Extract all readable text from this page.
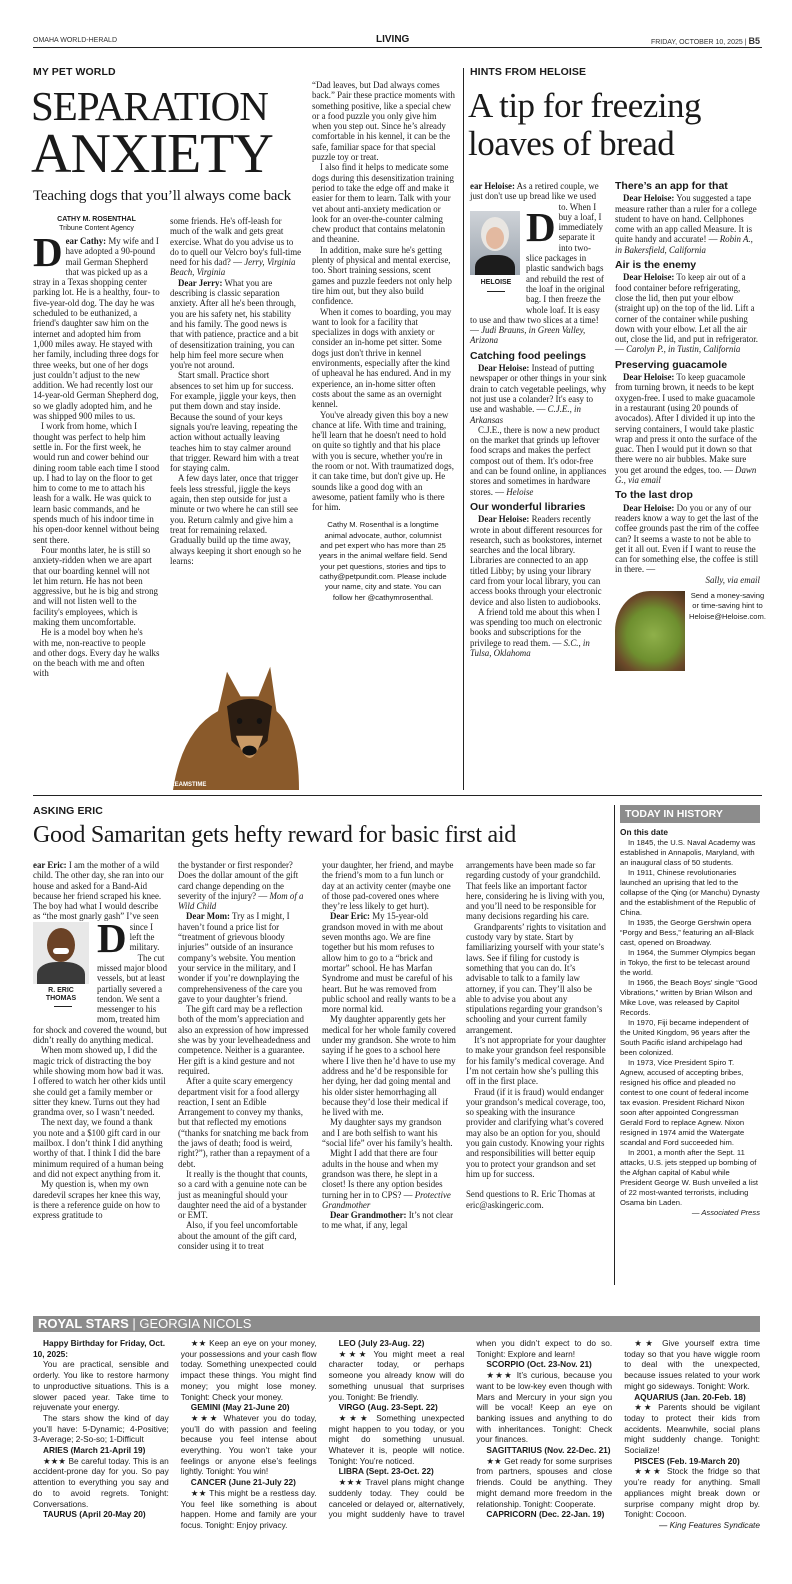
OMAHA WORLD-HERALD	LIVING	FRIDAY, OCTOBER 10, 2025 | B5
MY PET WORLD
SEPARATION
ANXIETY
Teaching dogs that you’ll always come back
CATHY M. ROSENTHAL
Tribune Content Agency

Dear Cathy: My wife and I have adopted a 90-pound mail German Shepherd that was picked up as a stray in a Texas shopping center parking lot. He is a healthy, four- to five-year-old dog. The day he was scheduled to be euthanized, a friend's daughter saw him on the internet and adopted him from 1,000 miles away. He stayed with her family, including three dogs for three weeks, but one of her dogs just couldn’t adjust to the new addition. We had recently lost our 14-year-old German Shepherd dog, so we gladly adopted him, and he was shipped 900 miles to us.

I work from home, which I thought was perfect to help him settle in. For the first week, he would run and cower behind our dining room table each time I stood up. I had to lay on the floor to get him to come to me to attach his leash for a walk. He was quick to learn basic commands, and he spends much of his indoor time in his open-door kennel without being sent there.

Four months later, he is still so anxiety-ridden when we are apart that our boarding kennel will not let him return. He has not been aggressive, but he is big and strong and will not listen well to the facility's employees, which is making them uncomfortable.

He is a model boy when he's with me, non-reactive to people and other dogs. Every day he walks on the beach with me and often with

some friends. He's off-leash for much of the walk and gets great exercise. What do you advise us to do to quell our Velcro boy's full-time need for his dad? — Jerry, Virginia Beach, Virginia

Dear Jerry: What you are describing is classic separation anxiety. After all he's been through, you are his safety net, his stability and his family. The good news is that with patience, practice and a bit of desensitization training, you can help him feel more secure when you're not around.

Start small. Practice short absences to set him up for success. For example, jiggle your keys, then put them down and stay inside. Because the sound of your keys signals you're leaving, repeating the action without actually leaving teaches him to stay calmer around that trigger. Reward him with a treat for staying calm.

A few days later, once that trigger feels less stressful, jiggle the keys again, then step outside for just a minute or two where he can still see you. Return calmly and give him a treat for remaining relaxed. Gradually build up the time away, always keeping it short enough so he learns:

“Dad leaves, but Dad always comes back.” Pair these practice moments with something positive, like a special chew or a food puzzle you only give him when you step out. Since he’s already comfortable in his kennel, it can be the safe, familiar space for that special puzzle toy or treat.

I also find it helps to medicate some dogs during this desensitization training period to take the edge off and make it easier for them to learn. Talk with your vet about anti-anxiety medication or look for an over-the-counter calming chew product that contains melatonin and theanine.

In addition, make sure he's getting plenty of physical and mental exercise, too. Short training sessions, scent games and puzzle feeders not only help tire him out, but they also build confidence.

When it comes to boarding, you may want to look for a facility that specializes in dogs with anxiety or consider an in-home pet sitter. Some dogs just don't thrive in kennel environments, especially after the kind of upheaval he has endured. And in my experience, an in-home sitter often costs about the same as an overnight kennel.

You've already given this boy a new chance at life. With time and training, he'll learn that he doesn't need to hold on quite so tightly and that his place with you is secure, whether you're in the room or not. With traumatized dogs, it can take time, but don't give up. He sounds like a good dog with an awesome, patient family who is there for him.

Cathy M. Rosenthal is a longtime animal advocate, author, columnist and pet expert who has more than 25 years in the animal welfare field. Send your pet questions, stories and tips to cathy@petpundit.com. Please include your name, city and state. You can follow her @cathymrosenthal.
DREAMSTIME
HINTS FROM HELOISE
A tip for freezing
loaves of bread
HELOISE

Dear Heloise: As a retired couple, we just don't use up bread like we used to. When I buy a loaf, I immediately separate it into two-slice packages in plastic sandwich bags and rebuild the rest of the loaf in the original bag. I then freeze the whole loaf. It is easy to use and thaw two slices at a time! — Judi Brauns, in Green Valley, Arizona

Catching food peelings

Dear Heloise: Instead of putting newspaper or other things in your sink drain to catch vegetable peelings, why not just use a colander? It's easy to use and washable. — C.J.E., in Arkansas

C.J.E., there is now a new product on the market that grinds up leftover food scraps and makes the perfect compost out of them. It's odor-free and can be found online, in appliances stores and sometimes in hardware stores. — Heloise

Our wonderful libraries

Dear Heloise: Readers recently wrote in about different resources for research, such as bookstores, internet searches and the local library. Libraries are connected to an app titled Libby; by using your library card from your local library, you can access books through your electronic device and also listen to audiobooks.

A friend told me about this when I was spending too much on electronic books and subscriptions for the privilege to read them. — S.C., in Tulsa, Oklahoma

There’s an app for that

Dear Heloise: You suggested a tape measure rather than a ruler for a college student to have on hand. Cellphones come with an app called Measure. It is quite handy and accurate! — Robin A., in Bakersfield, California

Air is the enemy

Dear Heloise: To keep air out of a food container before refrigerating, close the lid, then put your elbow (straight up) on the top of the lid. Lift a corner of the container while pushing down with your elbow. Let all the air out, close the lid, and put in refrigerator. — Carolyn P., in Tustin, California

Preserving guacamole

Dear Heloise: To keep guacamole from turning brown, it needs to be kept oxygen-free. I used to make guacamole in a restaurant (using 20 pounds of avocados). After I divided it up into the serving containers, I would take plastic wrap and press it onto the surface of the guac. Then I would put it down so that there were no air bubbles. Make sure you get around the edges, too. — Dawn G., via email

To the last drop

Dear Heloise: Do you or any of our readers know a way to get the last of the coffee grounds past the rim of the coffee can? It seems a waste to not be able to get it all out. Even if I want to reuse the can for something else, the coffee is still in there. —

Sally, via email

Send a money-saving or time-saving hint to Heloise@Heloise.com.
ASKING ERIC
Good Samaritan gets hefty reward for basic first aid
R. ERIC THOMAS

Dear Eric: I am the mother of a wild child. The other day, she ran into our house and asked for a Band-Aid because her friend scraped his knee. The boy had what I would describe as “the most gnarly gash” I’ve seen since I left the military.

The cut missed major blood vessels, but at least partially severed a tendon. We sent a messenger to his mom, treated him for shock and covered the wound, but didn’t really do anything medical.

When mom showed up, I did the magic trick of distracting the boy while showing mom how bad it was. I offered to watch her other kids until she could get a family member or sitter they knew. Turns out they had grandma over, so I wasn’t needed.

The next day, we found a thank you note and a $100 gift card in our mailbox. I don’t think I did anything worthy of that. I think I did the bare minimum required of a human being and did not expect anything from it.

My question is, when my own daredevil scrapes her knee this way, is there a reference guide on how to express gratitude to

the bystander or first responder? Does the dollar amount of the gift card change depending on the severity of the injury? — Mom of a Wild Child

Dear Mom: Try as I might, I haven’t found a price list for “treatment of grievous bloody injuries” outside of an insurance company’s website. You mention your service in the military, and I wonder if you’re downplaying the comprehensiveness of the care you gave to your daughter’s friend.

The gift card may be a reflection both of the mom’s appreciation and also an expression of how impressed she was by your levelheadedness and competence. Neither is a guarantee. Her gift is a kind gesture and not required.

After a quite scary emergency department visit for a food allergy reaction, I sent an Edible Arrangement to convey my thanks, but that reflected my emotions (“thanks for snatching me back from the jaws of death; food is weird, right?”), rather than a repayment of a debt.

It really is the thought that counts, so a card with a genuine note can be just as meaningful should your daughter need the aid of a bystander or EMT.

Also, if you feel uncomfortable about the amount of the gift card, consider using it to treat

your daughter, her friend, and maybe the friend’s mom to a fun lunch or day at an activity center (maybe one of those pad-covered ones where they’re less likely to get hurt).

Dear Eric: My 15-year-old grandson moved in with me about seven months ago. We are fine together but his mom refuses to allow him to go to a “brick and mortar” school. He has Marfan Syndrome and must be careful of his heart. But he was removed from public school and really wants to be a more normal kid.

My daughter apparently gets her medical for her whole family covered under my grandson. She wrote to him saying if he goes to a school here where I live then he’d have to use my address and he’d be responsible for her dying, her dad going mental and his older sister hemorrhaging all because they’d lose their medical if he lived with me.

My daughter says my grandson and I are both selfish to want his “social life” over his family’s health.

Might I add that there are four adults in the house and when my grandson was there, he slept in a closet! Is there any option besides turning her in to CPS? — Protective Grandmother

Dear Grandmother: It’s not clear to me what, if any, legal

arrangements have been made so far regarding custody of your grandchild. That feels like an important factor here, considering he is living with you, and you’ll need to be responsible for many decisions regarding his care.

Grandparents’ rights to visitation and custody vary by state. Start by familiarizing yourself with your state’s laws. See if filing for custody is something that you can do. It’s advisable to talk to a family law attorney, if you can. They’ll also be able to advise you about any stipulations regarding your grandson’s schooling and your current family arrangement.

It’s not appropriate for your daughter to make your grandson feel responsible for his family’s medical coverage. And I’m not certain how she’s pulling this off in the first place.

Fraud (if it is fraud) would endanger your grandson’s medical coverage, too, so speaking with the insurance provider and clarifying what’s covered may also be an option for you, should you gain custody. Knowing your rights and responsibilities will better equip you to protect your grandson and set him up for success.

Send questions to R. Eric Thomas at eric@askingeric.com.

TODAY IN HISTORY
On this date

In 1845, the U.S. Naval Academy was established in Annapolis, Maryland, with an inaugural class of 50 students.

In 1911, Chinese revolutionaries launched an uprising that led to the collapse of the Qing (or Manchu) Dynasty and the establishment of the Republic of China.

In 1935, the George Gershwin opera “Porgy and Bess,” featuring an all-Black cast, opened on Broadway.

In 1964, the Summer Olympics began in Tokyo, the first to be telecast around the world.

In 1966, the Beach Boys’ single “Good Vibrations,” written by Brian Wilson and Mike Love, was released by Capitol Records.

In 1970, Fiji became independent of the United Kingdom, 96 years after the South Pacific island archipelago had been colonized.

In 1973, Vice President Spiro T. Agnew, accused of accepting bribes, resigned his office and pleaded no contest to one count of federal income tax evasion. President Richard Nixon soon after appointed Congressman Gerald Ford to replace Agnew. Nixon resigned in 1974 amid the Watergate scandal and Ford succeeded him.

In 2001, a month after the Sept. 11 attacks, U.S. jets stepped up bombing of the Afghan capital of Kabul while President George W. Bush unveiled a list of 22 most-wanted terrorists, including Osama bin Laden.

— Associated Press

ROYAL STARS | GEORGIA NICOLS

Happy Birthday for Friday, Oct. 10, 2025:

You are practical, sensible and orderly. You like to restore harmony to unproductive situations. This is a slower paced year. Take time to rejuvenate your energy.

The stars show the kind of day you’ll have: 5-Dynamic; 4-Positive; 3-Average; 2-So-so; 1-Difficult

ARIES (March 21-April 19)

★★★ Be careful today. This is an accident-prone day for you. So pay attention to everything you say and do to avoid regrets. Tonight: Conversations.

TAURUS (April 20-May 20)

★★ Keep an eye on your money, your possessions and your cash flow today. Something unexpected could impact these things. You might find money; you might lose money. Tonight: Check your money.

GEMINI (May 21-June 20)

★★★ Whatever you do today, you’ll do with passion and feeling because you feel intense about everything. You won’t take your feelings or anyone else’s feelings lightly. Tonight: You win!

CANCER (June 21-July 22)

★★ This might be a restless day. You feel like something is about happen. Home and family are your focus. Tonight: Enjoy privacy.

LEO (July 23-Aug. 22)

★★★ You might meet a real character today, or perhaps someone you already know will do something unusual that surprises you. Tonight: Be friendly.

VIRGO (Aug. 23-Sept. 22)

★★★ Something unexpected might happen to you today, or you might do something unusual. Whatever it is, people will notice. Tonight: You’re noticed.

LIBRA (Sept. 23-Oct. 22)

★★★ Travel plans might change suddenly today. They could be canceled or delayed or, alternatively, you might suddenly have to travel when you didn’t expect to do so. Tonight: Explore and learn!

SCORPIO (Oct. 23-Nov. 21)

★★★ It’s curious, because you want to be low-key even though with Mars and Mercury in your sign you will be vocal! Keep an eye on banking issues and anything to do with inheritances. Tonight: Check your finances.

SAGITTARIUS (Nov. 22-Dec. 21)

★★ Get ready for some surprises from partners, spouses and close friends. Could be anything. They might demand more freedom in the relationship. Tonight: Cooperate.

CAPRICORN (Dec. 22-Jan. 19)

★★ Give yourself extra time today so that you have wiggle room to deal with the unexpected, because issues related to your work might go sideways. Tonight: Work.

AQUARIUS (Jan. 20-Feb. 18)

★★ Parents should be vigilant today to protect their kids from accidents. Meanwhile, social plans might suddenly change. Tonight: Socialize!

PISCES (Feb. 19-March 20)

★★★ Stock the fridge so that you’re ready for anything. Small appliances might break down or surprise company might drop by. Tonight: Cocoon.

— King Features Syndicate
